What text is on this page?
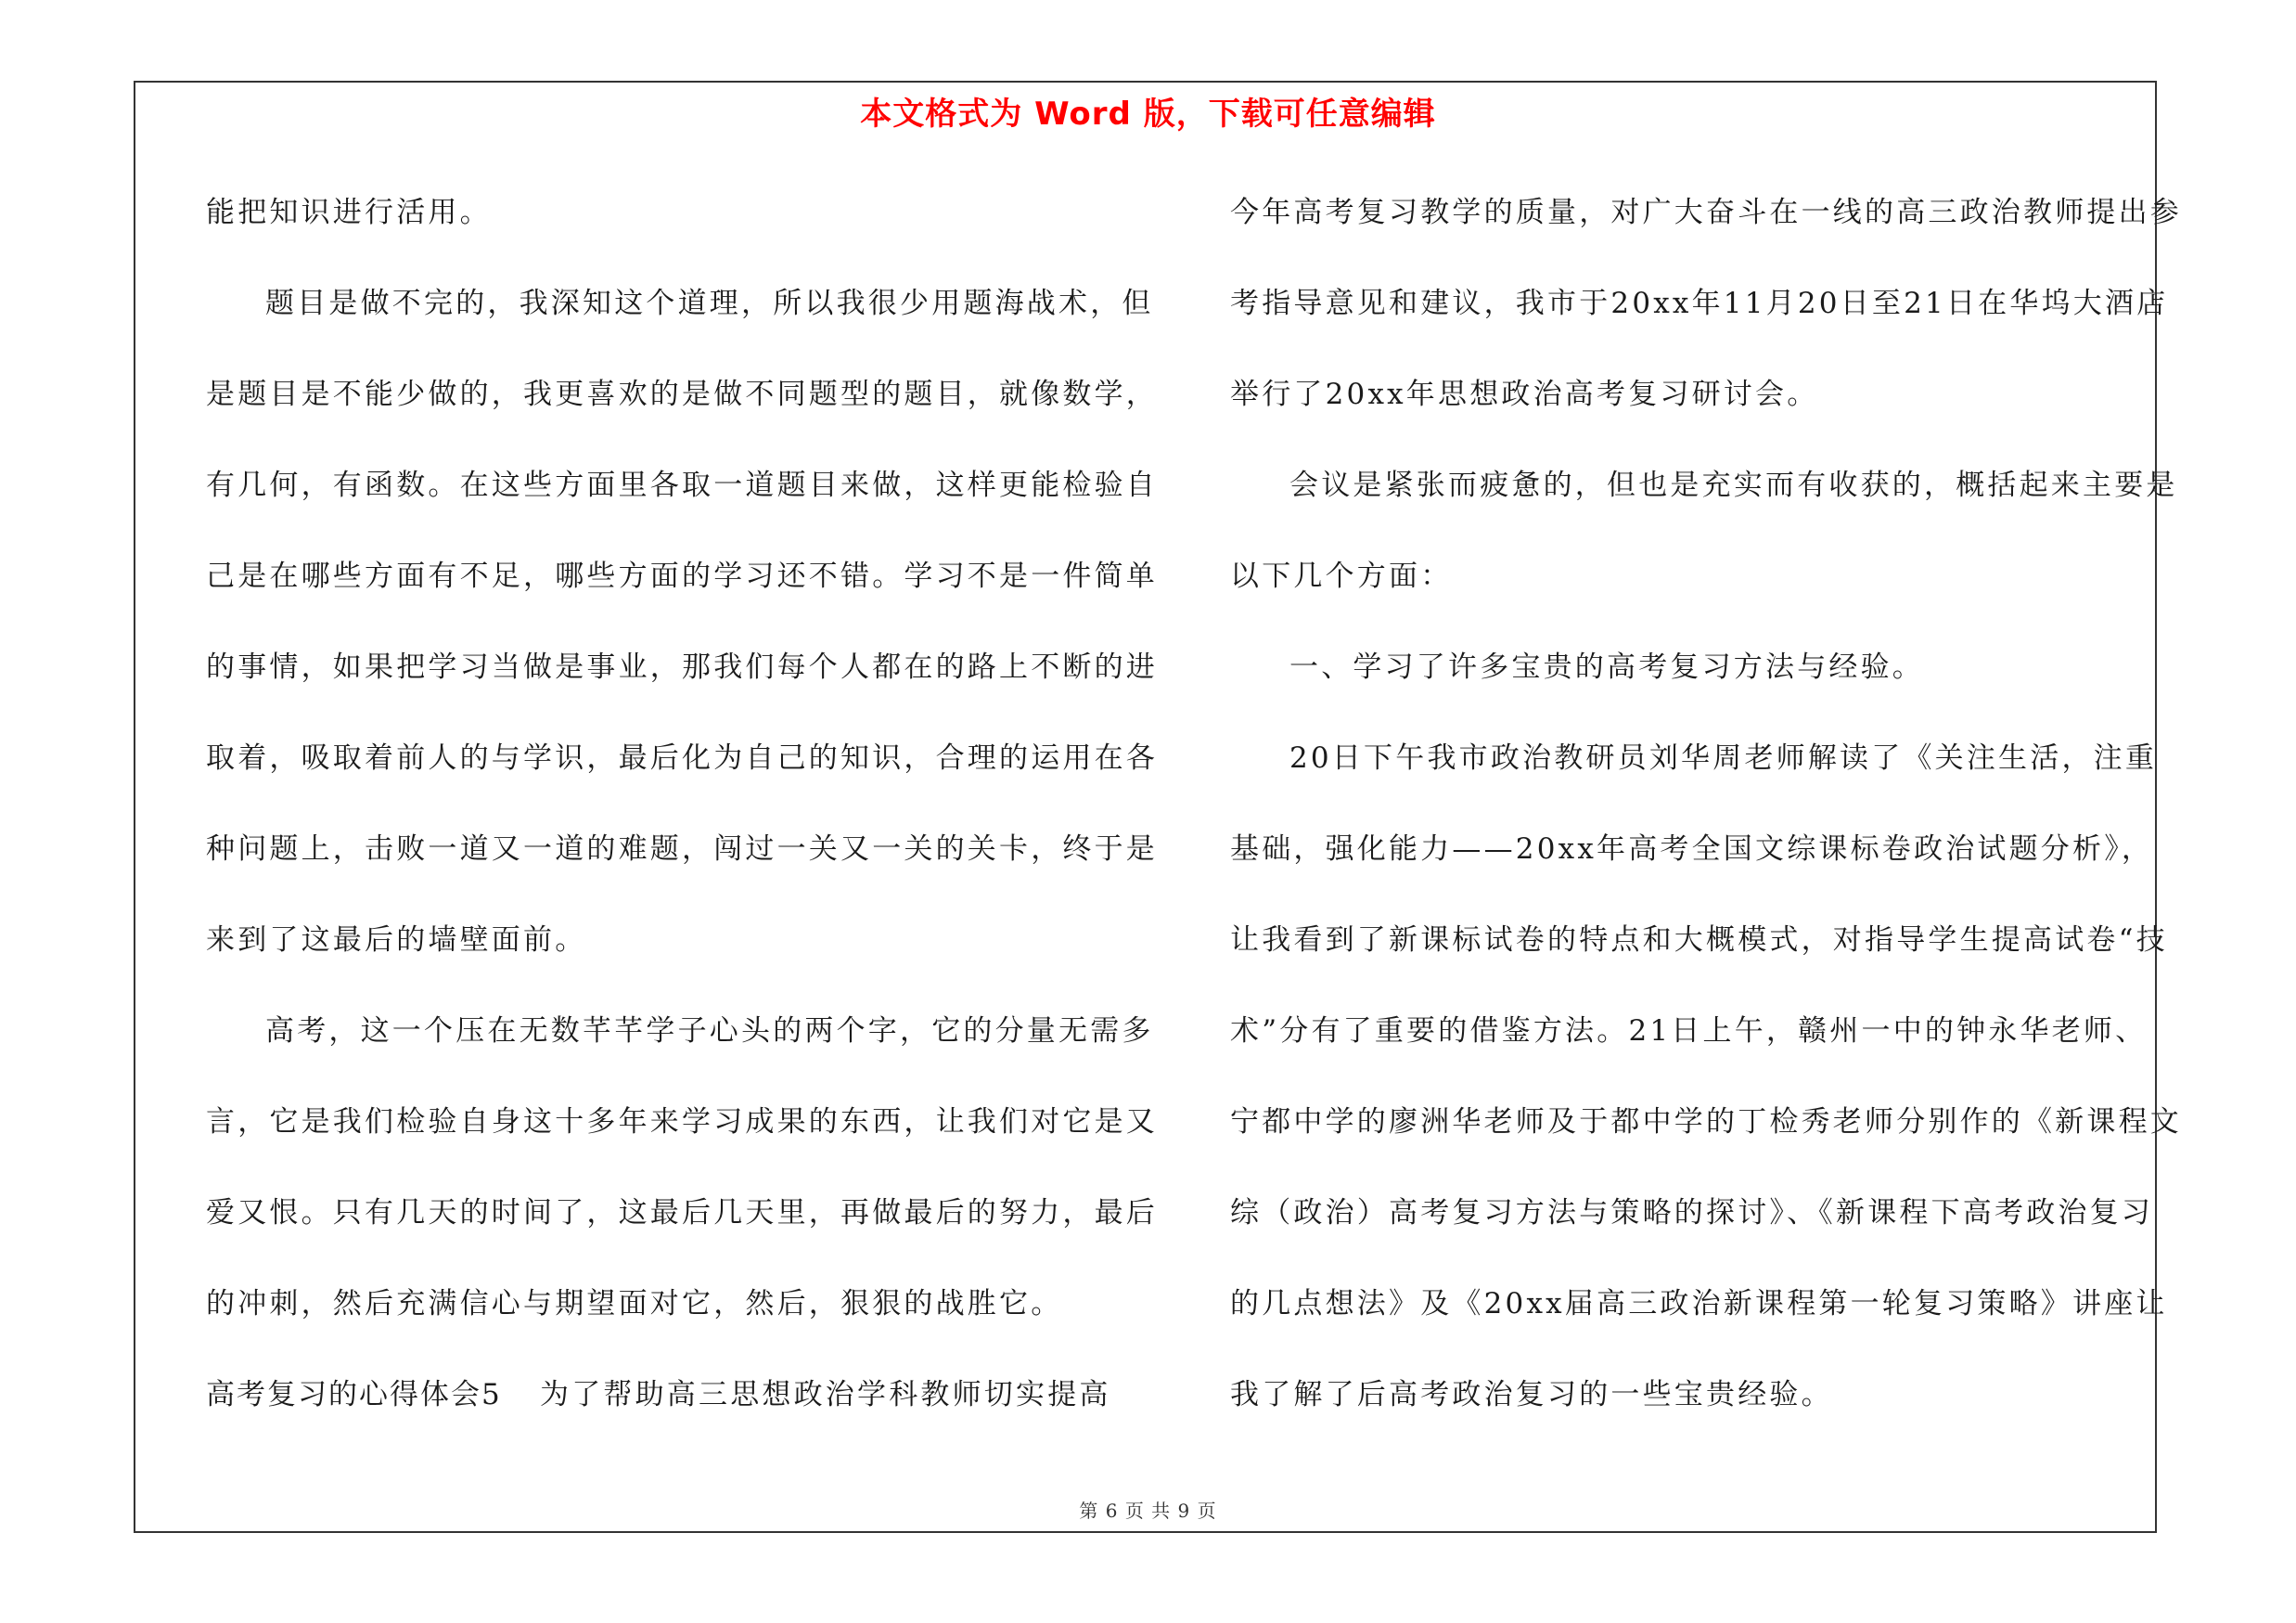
本文格式为 Word 版，下载可任意编辑
能把知识进行活用。
题目是做不完的，我深知这个道理，所以我很少用题海战术，但
是题目是不能少做的，我更喜欢的是做不同题型的题目，就像数学，
有几何，有函数。在这些方面里各取一道题目来做，这样更能检验自
己是在哪些方面有不足，哪些方面的学习还不错。学习不是一件简单
的事情，如果把学习当做是事业，那我们每个人都在的路上不断的进
取着，吸取着前人的与学识，最后化为自己的知识，合理的运用在各
种问题上，击败一道又一道的难题，闯过一关又一关的关卡，终于是
来到了这最后的墙壁面前。
高考，这一个压在无数芊芊学子心头的两个字，它的分量无需多
言，它是我们检验自身这十多年来学习成果的东西，让我们对它是又
爱又恨。只有几天的时间了，这最后几天里，再做最后的努力，最后
的冲刺，然后充满信心与期望面对它，然后，狠狠的战胜它。
高考复习的心得体会5	为了帮助高三思想政治学科教师切实提高
今年高考复习教学的质量，对广大奋斗在一线的高三政治教师提出参
考指导意见和建议，我市于20xx年11月20日至21日在华坞大酒店
举行了20xx年思想政治高考复习研讨会。
会议是紧张而疲惫的，但也是充实而有收获的，概括起来主要是
以下几个方面：
一、学习了许多宝贵的高考复习方法与经验。
20日下午我市政治教研员刘华周老师解读了《关注生活，注重
基础，强化能力——20xx年高考全国文综课标卷政治试题分析》，
让我看到了新课标试卷的特点和大概模式，对指导学生提高试卷“技
术”分有了重要的借鉴方法。21日上午，赣州一中的钟永华老师、
宁都中学的廖洲华老师及于都中学的丁检秀老师分别作的《新课程文
综（政治）高考复习方法与策略的探讨》、《新课程下高考政治复习
的几点想法》及《20xx届高三政治新课程第一轮复习策略》讲座让
我了解了后高考政治复习的一些宝贵经验。
第 6 页 共 9 页
